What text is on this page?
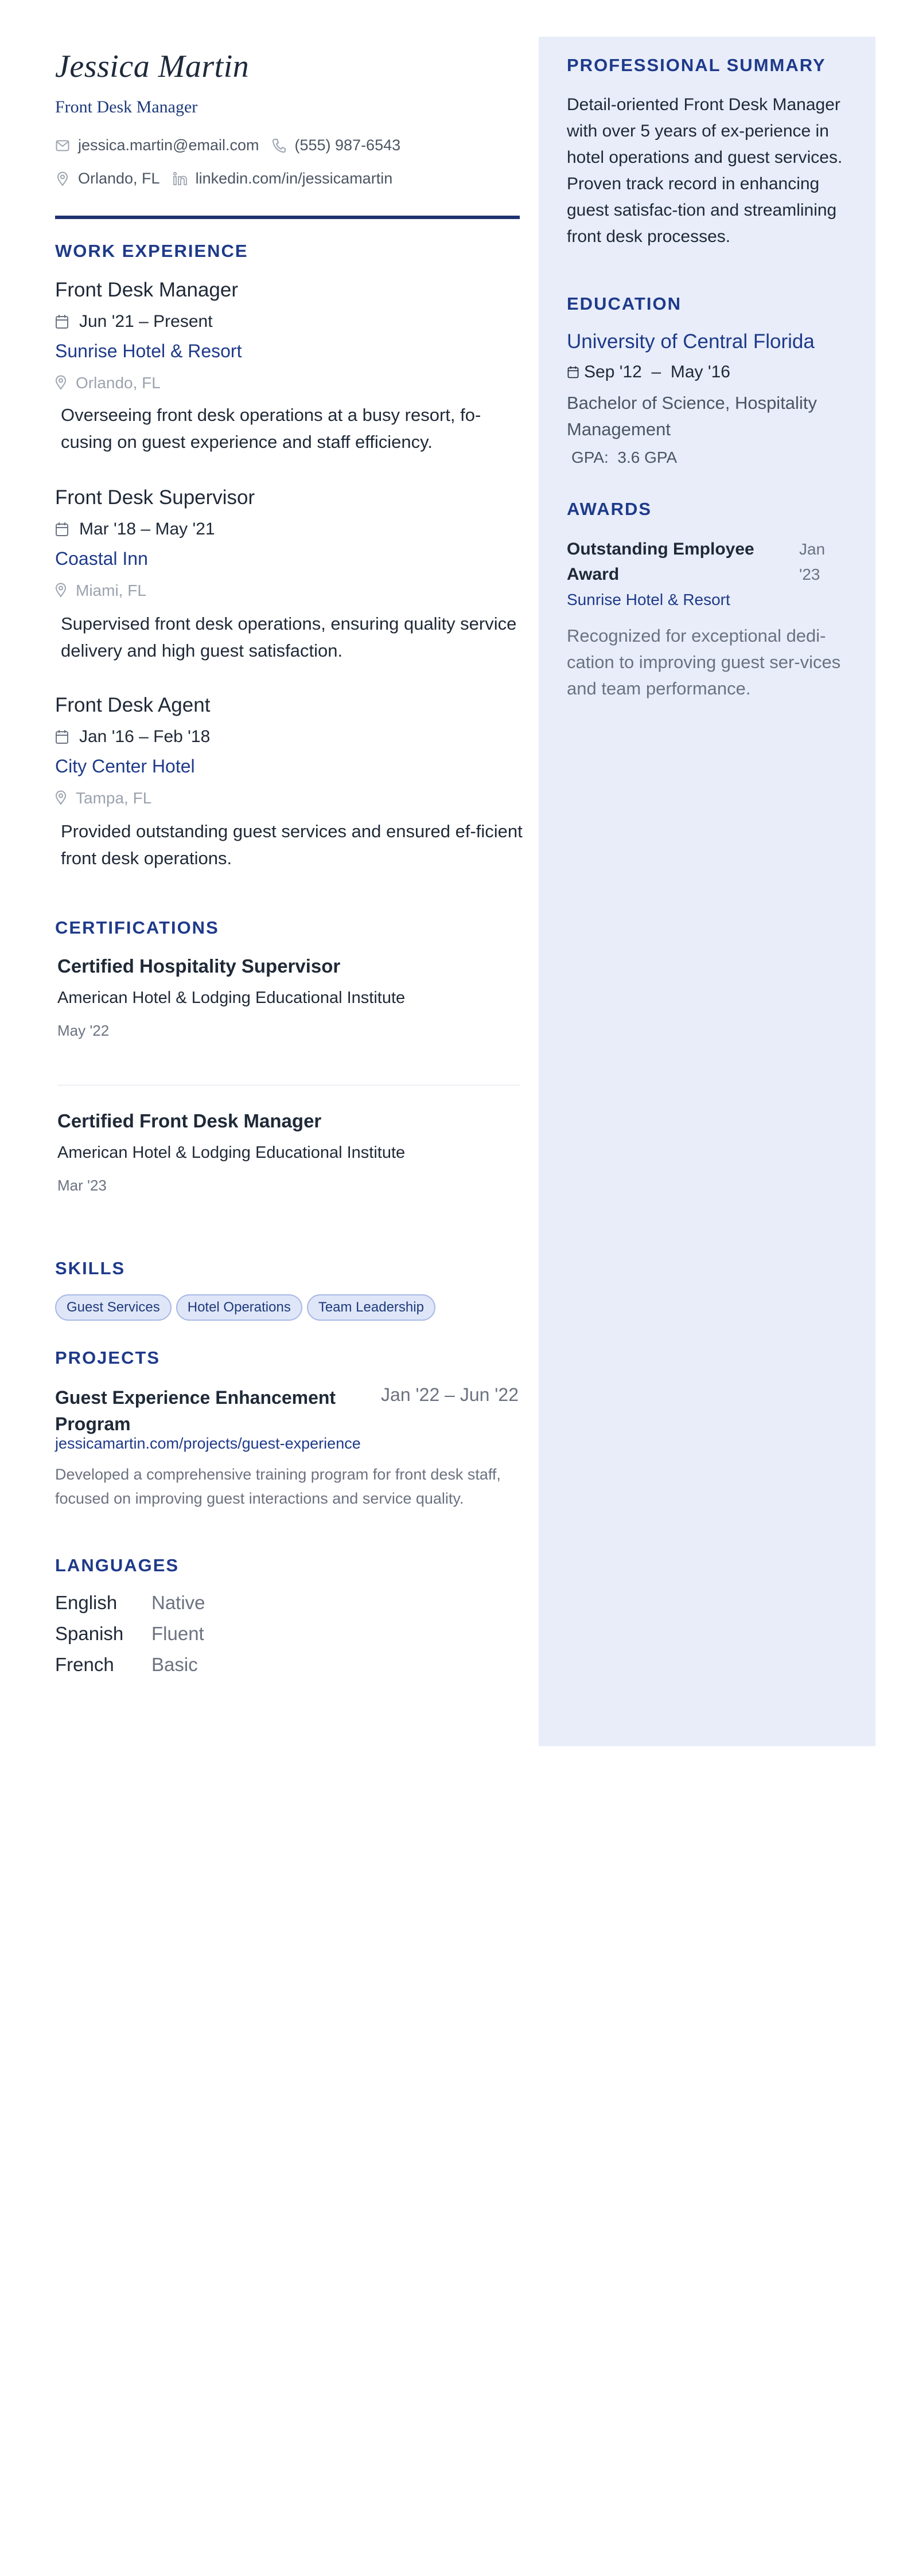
Jessica Martin
Front Desk Manager
jessica.martin@email.com (555) 987-6543
Orlando, FL linkedin.com/in/jessicamartin
WORK EXPERIENCE
Front Desk Manager
Jun '21 – Present
Sunrise Hotel & Resort
Orlando, FL
Overseeing front desk operations at a busy resort, fo-cusing on guest experience and staff efficiency.
Front Desk Supervisor
Mar '18 – May '21
Coastal Inn
Miami, FL
Supervised front desk operations, ensuring quality service delivery and high guest satisfaction.
Front Desk Agent
Jan '16 – Feb '18
City Center Hotel
Tampa, FL
Provided outstanding guest services and ensured ef-ficient front desk operations.
CERTIFICATIONS
Certified Hospitality Supervisor
American Hotel & Lodging Educational Institute
May '22
Certified Front Desk Manager
American Hotel & Lodging Educational Institute
Mar '23
SKILLS
Guest Services	Hotel Operations	Team Leadership
PROJECTS
Guest Experience Enhancement Program
Jan '22 – Jun '22
jessicamartin.com/projects/guest-experience
Developed a comprehensive training program for front desk staff, focused on improving guest interactions and service quality.
LANGUAGES
English	Native
Spanish	Fluent
French	Basic
PROFESSIONAL SUMMARY
Detail-oriented Front Desk Manager with over 5 years of ex-perience in hotel operations and guest services. Proven track record in enhancing guest satisfac-tion and streamlining front desk processes.
EDUCATION
University of Central Florida
Sep '12  –  May '16
Bachelor of Science, Hospitality Management
GPA:  3.6 GPA
AWARDS
Outstanding Employee Award
Jan '23
Sunrise Hotel & Resort
Recognized for exceptional dedi-cation to improving guest ser-vices and team performance.
